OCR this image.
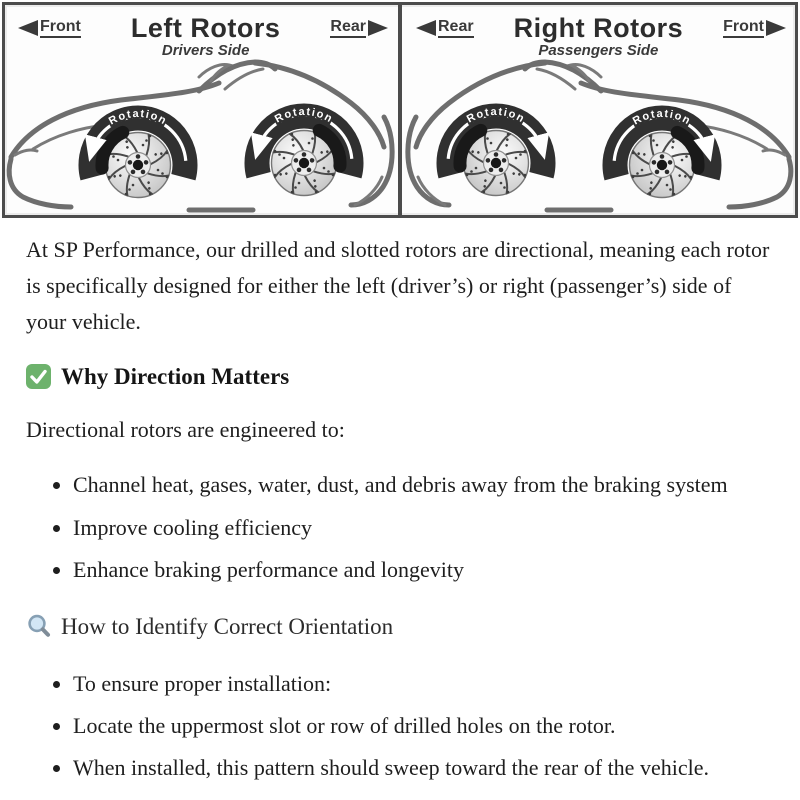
Rotation	Rotation	Rotation	Rotation
Front Left Rotors
Drivers Side
Rear	Rear Right Rotors
Passengers Side
Front

At SP Performance, our drilled and slotted rotors are directional, meaning each rotor is specifically designed for either the left (driver’s) or right (passenger’s) side of your vehicle.

Why Direction Matters

Directional rotors are engineered to:

• Channel heat, gases, water, dust, and debris away from the braking system
• Improve cooling efficiency
• Enhance braking performance and longevity
How to Identify Correct Orientation
• To ensure proper installation:
• Locate the uppermost slot or row of drilled holes on the rotor.
• When installed, this pattern should sweep toward the rear of the vehicle.
